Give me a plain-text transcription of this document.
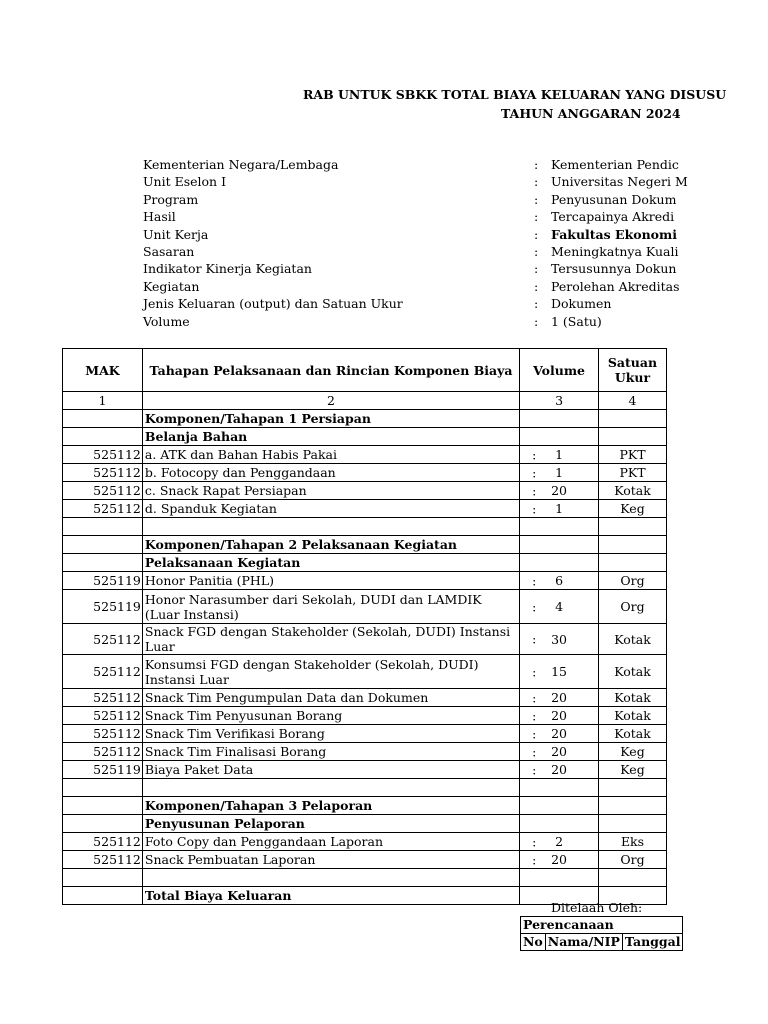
RAB UNTUK SBKK TOTAL BIAYA KELUARAN YANG DISUSU
TAHUN ANGGARAN 2024
Kementerian Negara/Lembaga	: Kementerian Pendic
Unit Eselon I	: Universitas Negeri M
Program	: Penyusunan Dokum
Hasil	: Tercapainya Akredi
Unit Kerja	: Fakultas Ekonomi
Sasaran	: Meningkatnya Kuali
Indikator Kinerja Kegiatan	: Tersusunnya Dokun
Kegiatan	: Perolehan Akreditas
Jenis Keluaran (output) dan Satuan Ukur	: Dokumen
Volume	: 1 (Satu)
MAK	Tahapan Pelaksanaan dan Rincian Komponen Biaya	Volume	Satuan Ukur
1	2	3	4
	Komponen/Tahapan 1 Persiapan	

	Belanja Bahan	

525112	a. ATK dan Bahan Habis Pakai	: 1	PKT
525112	b. Fotocopy dan Penggandaan	: 1	PKT
525112	c. Snack Rapat Persiapan	: 20	Kotak
525112	d. Spanduk Kegiatan	: 1	Keg

	Komponen/Tahapan 2 Pelaksanaan Kegiatan	

	Pelaksanaan Kegiatan	

525119	Honor Panitia (PHL)	: 6	Org
525119	Honor Narasumber dari Sekolah, DUDI dan LAMDIK (Luar Instansi)	: 4	Org
525112	Snack FGD dengan Stakeholder (Sekolah, DUDI) Instansi Luar	: 30	Kotak
525112	Konsumsi FGD dengan Stakeholder (Sekolah, DUDI) Instansi Luar	: 15	Kotak
525112	Snack Tim Pengumpulan Data dan Dokumen	: 20	Kotak
525112	Snack Tim Penyusunan Borang	: 20	Kotak
525112	Snack Tim Verifikasi Borang	: 20	Kotak
525112	Snack Tim Finalisasi Borang	: 20	Keg
525119	Biaya Paket Data	: 20	Keg

	Komponen/Tahapan 3 Pelaporan	

	Penyusunan Pelaporan	

525112	Foto Copy dan Penggandaan Laporan	: 2	Eks
525112	Snack Pembuatan Laporan	: 20	Org

	Total Biaya Keluaran	

Ditelaah Oleh:
Perencanaan
No	Nama/NIP	Tanggal
